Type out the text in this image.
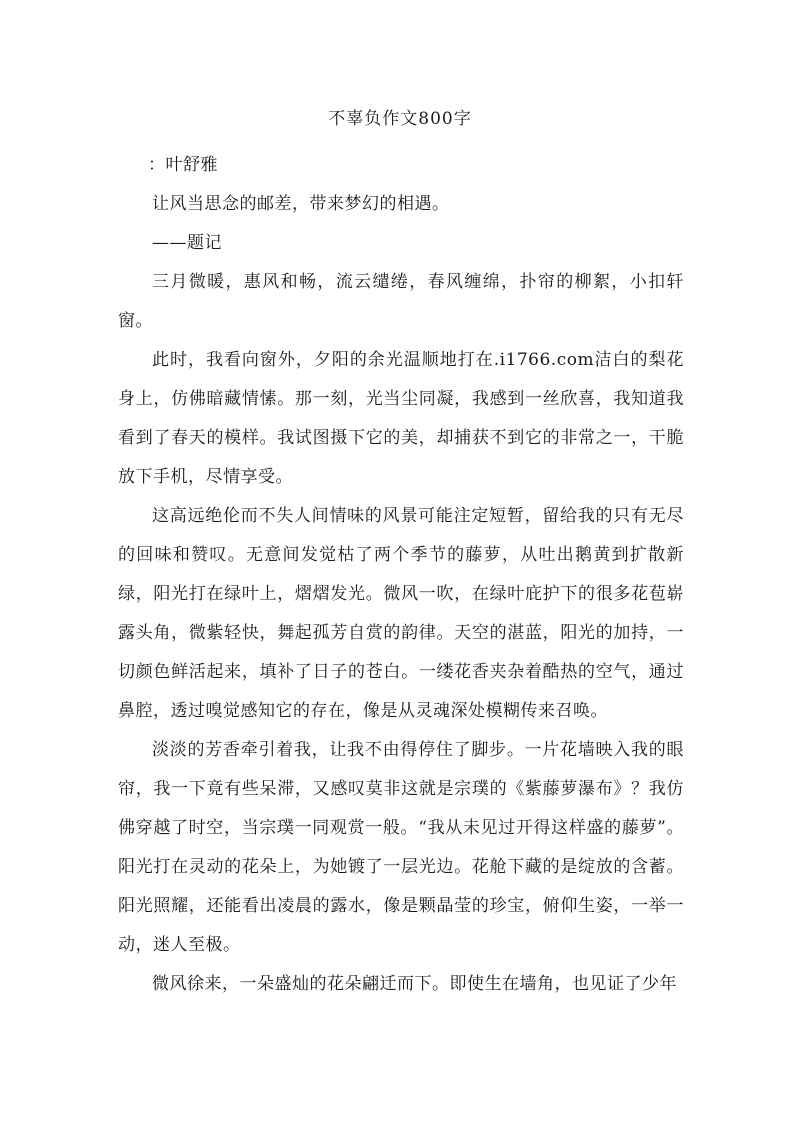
不辜负作文800字

：叶舒雅

让风当思念的邮差，带来梦幻的相遇。

——题记

三月微暖，惠风和畅，流云缱绻，春风缠绵，扑帘的柳絮，小扣轩窗。

此时，我看向窗外，夕阳的余光温顺地打在.i1766.com洁白的梨花身上，仿佛暗藏情愫。那一刻，光当尘同凝，我感到一丝欣喜，我知道我看到了春天的模样。我试图摄下它的美，却捕获不到它的非常之一，干脆放下手机，尽情享受。

这高远绝伦而不失人间情味的风景可能注定短暂，留给我的只有无尽的回味和赞叹。无意间发觉枯了两个季节的藤萝，从吐出鹅黄到扩散新绿，阳光打在绿叶上，熠熠发光。微风一吹，在绿叶庇护下的很多花苞崭露头角，微紫轻快，舞起孤芳自赏的韵律。天空的湛蓝，阳光的加持，一切颜色鲜活起来，填补了日子的苍白。一缕花香夹杂着酷热的空气，通过鼻腔，透过嗅觉感知它的存在，像是从灵魂深处模糊传来召唤。

淡淡的芳香牵引着我，让我不由得停住了脚步。一片花墙映入我的眼帘，我一下竟有些呆滞，又感叹莫非这就是宗璞的《紫藤萝瀑布》？我仿佛穿越了时空，当宗璞一同观赏一般。“我从未见过开得这样盛的藤萝”。阳光打在灵动的花朵上，为她镀了一层光边。花舱下藏的是绽放的含蓄。阳光照耀，还能看出凌晨的露水，像是颗晶莹的珍宝，俯仰生姿，一举一动，迷人至极。

微风徐来，一朵盛灿的花朵翩迁而下。即使生在墙角，也见证了少年
